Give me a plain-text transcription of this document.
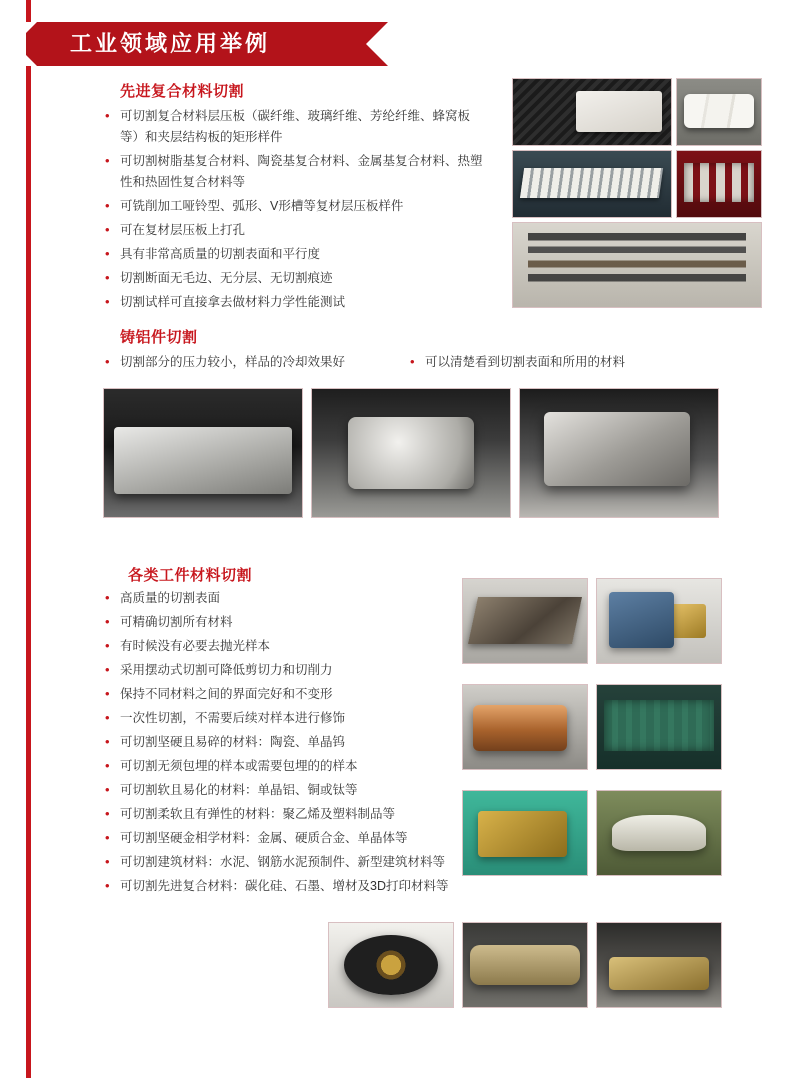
工业领域应用举例
先进复合材料切割
• 可切割复合材料层压板（碳纤维、玻璃纤维、芳纶纤维、蜂窝板等）和夹层结构板的矩形样件
• 可切割树脂基复合材料、陶瓷基复合材料、金属基复合材料、热塑性和热固性复合材料等
• 可铣削加工哑铃型、弧形、V形槽等复材层压板样件
• 可在复材层压板上打孔
• 具有非常高质量的切割表面和平行度
• 切割断面无毛边、无分层、无切割痕迹
• 切割试样可直接拿去做材料力学性能测试
铸铝件切割
• 切割部分的压力较小，样品的冷却效果好	• 可以清楚看到切割表面和所用的材料
各类工件材料切割
• 高质量的切割表面
• 可精确切割所有材料
• 有时候没有必要去抛光样本
• 采用摆动式切割可降低剪切力和切削力
• 保持不同材料之间的界面完好和不变形
• 一次性切割，不需要后续对样本进行修饰
• 可切割坚硬且易碎的材料：陶瓷、单晶钨
• 可切割无须包埋的样本或需要包埋的的样本
• 可切割软且易化的材料：单晶铝、铜或钛等
• 可切割柔软且有弹性的材料：聚乙烯及塑料制品等
• 可切割坚硬金相学材料：金属、硬质合金、单晶体等
• 可切割建筑材料：水泥、钢筋水泥预制件、新型建筑材料等
• 可切割先进复合材料：碳化硅、石墨、增材及3D打印材料等
